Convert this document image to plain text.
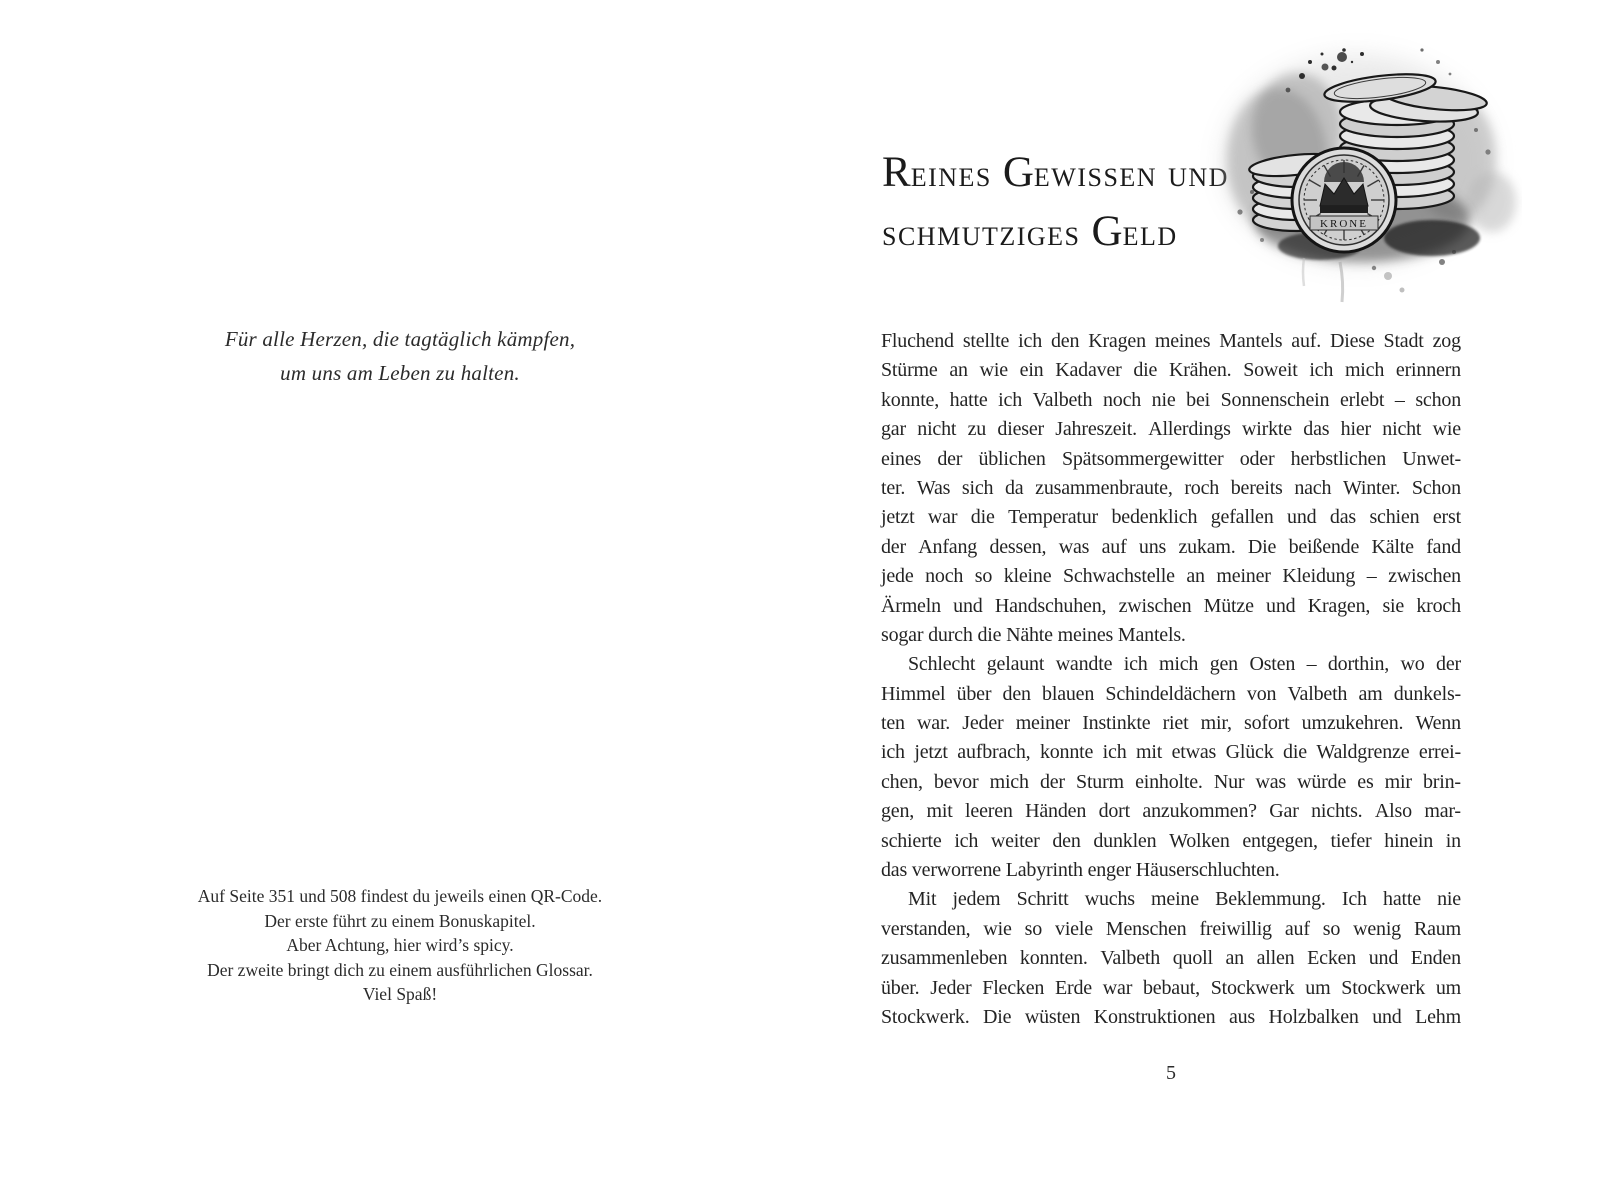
Für alle Herzen, die tagtäglich kämpfen,
um uns am Leben zu halten.
Auf Seite 351 und 508 findest du jeweils einen QR-Code.
Der erste führt zu einem Bonuskapitel.
Aber Achtung, hier wird’s spicy.
Der zweite bringt dich zu einem ausführlichen Glossar.
Viel Spaß!
REINES GEWISSEN UND
SCHMUTZIGES GELD	KRONE
Fluchend stellte ich den Kragen meines Mantels auf. Diese Stadt zog
Stürme an wie ein Kadaver die Krähen. Soweit ich mich erinnern
konnte, hatte ich Valbeth noch nie bei Sonnenschein erlebt – schon
gar nicht zu dieser Jahreszeit. Allerdings wirkte das hier nicht wie
eines der üblichen Spätsommergewitter oder herbstlichen Unwet-
ter. Was sich da zusammenbraute, roch bereits nach Winter. Schon
jetzt war die Temperatur bedenklich gefallen und das schien erst
der Anfang dessen, was auf uns zukam. Die beißende Kälte fand
jede noch so kleine Schwachstelle an meiner Kleidung – zwischen
Ärmeln und Handschuhen, zwischen Mütze und Kragen, sie kroch
sogar durch die Nähte meines Mantels.
Schlecht gelaunt wandte ich mich gen Osten – dorthin, wo der
Himmel über den blauen Schindeldächern von Valbeth am dunkels-
ten war. Jeder meiner Instinkte riet mir, sofort umzukehren. Wenn
ich jetzt aufbrach, konnte ich mit etwas Glück die Waldgrenze errei-
chen, bevor mich der Sturm einholte. Nur was würde es mir brin-
gen, mit leeren Händen dort anzukommen? Gar nichts. Also mar-
schierte ich weiter den dunklen Wolken entgegen, tiefer hinein in
das verworrene Labyrinth enger Häuserschluchten.
Mit jedem Schritt wuchs meine Beklemmung. Ich hatte nie
verstanden, wie so viele Menschen freiwillig auf so wenig Raum
zusammenleben konnten. Valbeth quoll an allen Ecken und Enden
über. Jeder Flecken Erde war bebaut, Stockwerk um Stockwerk um
Stockwerk. Die wüsten Konstruktionen aus Holzbalken und Lehm
5
